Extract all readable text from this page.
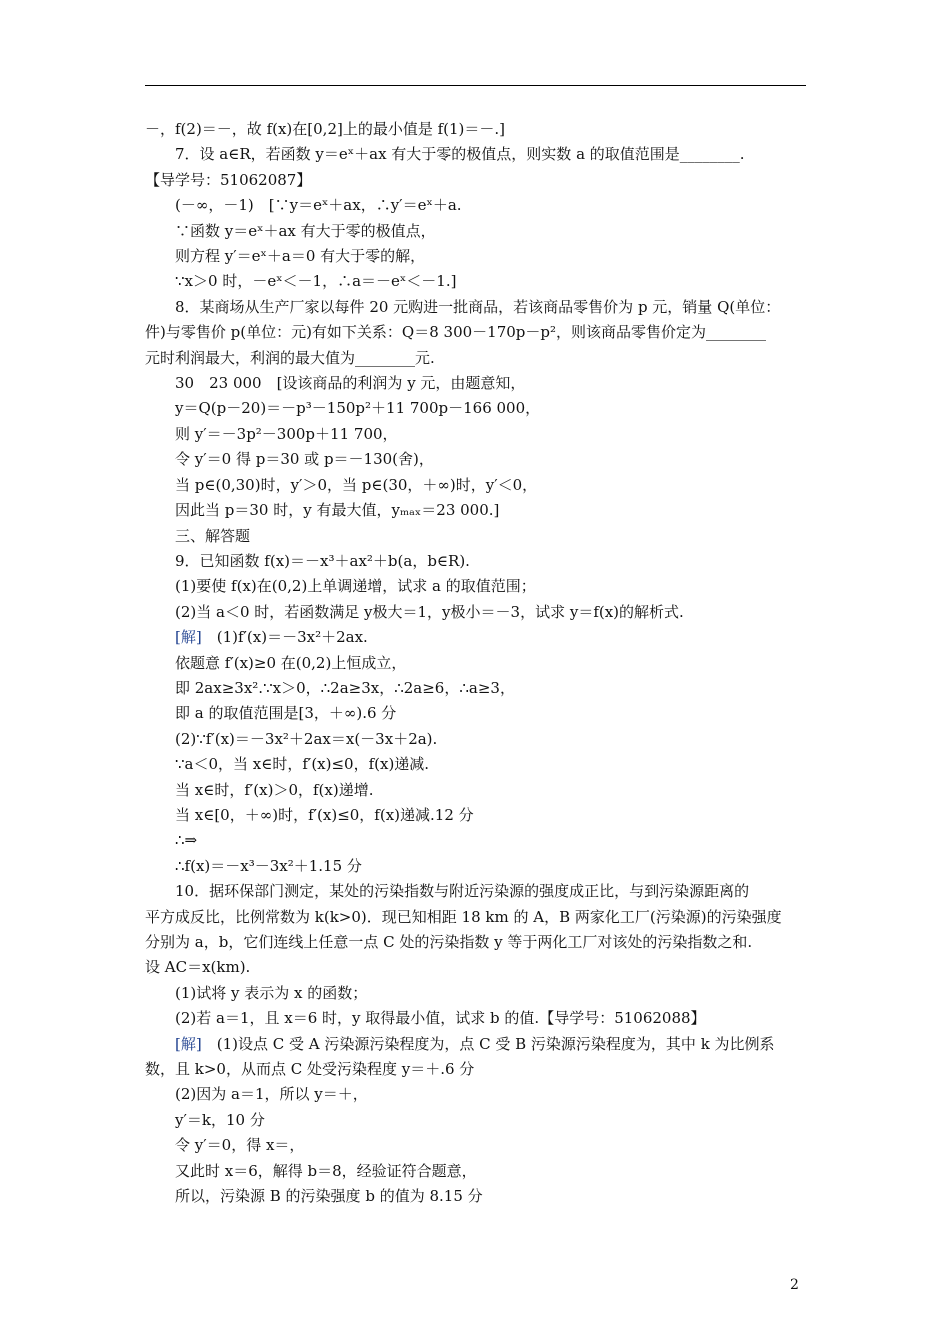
－，f(2)＝－，故 f(x)在[0,2]上的最小值是 f(1)＝－.]
7．设 a∈R，若函数 y＝eˣ＋ax 有大于零的极值点，则实数 a 的取值范围是________.
【导学号：51062087】
(－∞，－1)　[∵y＝eˣ＋ax，∴y′＝eˣ＋a.
∵函数 y＝eˣ＋ax 有大于零的极值点，
则方程 y′＝eˣ＋a＝0 有大于零的解，
∵x＞0 时，－eˣ＜－1，∴a＝－eˣ＜－1.]
8．某商场从生产厂家以每件 20 元购进一批商品，若该商品零售价为 p 元，销量 Q(单位：
件)与零售价 p(单位：元)有如下关系：Q＝8 300－170p－p²，则该商品零售价定为________
元时利润最大，利润的最大值为________元.
30　23 000　[设该商品的利润为 y 元，由题意知，
y＝Q(p－20)＝－p³－150p²＋11 700p－166 000，
则 y′＝－3p²－300p＋11 700，
令 y′＝0 得 p＝30 或 p＝－130(舍)，
当 p∈(0,30)时，y′＞0，当 p∈(30，＋∞)时，y′＜0，
因此当 p＝30 时，y 有最大值，yₘₐₓ＝23 000.]
三、解答题
9．已知函数 f(x)＝－x³＋ax²＋b(a，b∈R).
(1)要使 f(x)在(0,2)上单调递增，试求 a 的取值范围；
(2)当 a＜0 时，若函数满足 y极大＝1，y极小＝－3，试求 y＝f(x)的解析式.
[解]　(1)f′(x)＝－3x²＋2ax.
依题意 f′(x)≥0 在(0,2)上恒成立，
即 2ax≥3x².∵x＞0，∴2a≥3x，∴2a≥6，∴a≥3，
即 a 的取值范围是[3，＋∞).6 分
(2)∵f′(x)＝－3x²＋2ax＝x(－3x＋2a).
∵a＜0，当 x∈时，f′(x)≤0，f(x)递减.
当 x∈时，f′(x)＞0，f(x)递增.
当 x∈[0，＋∞)时，f′(x)≤0，f(x)递减.12 分
∴⇒
∴f(x)＝－x³－3x²＋1.15 分
10．据环保部门测定，某处的污染指数与附近污染源的强度成正比，与到污染源距离的
平方成反比，比例常数为 k(k>0)．现已知相距 18 km 的 A，B 两家化工厂(污染源)的污染强度
分别为 a，b，它们连线上任意一点 C 处的污染指数 y 等于两化工厂对该处的污染指数之和.
设 AC＝x(km).
(1)试将 y 表示为 x 的函数；
(2)若 a＝1，且 x＝6 时，y 取得最小值，试求 b 的值.【导学号：51062088】
[解]　(1)设点 C 受 A 污染源污染程度为，点 C 受 B 污染源污染程度为，其中 k 为比例系
数，且 k>0，从而点 C 处受污染程度 y＝＋.6 分
(2)因为 a＝1，所以 y＝＋，
y′＝k，10 分
令 y′＝0，得 x＝，
又此时 x＝6，解得 b＝8，经验证符合题意，
所以，污染源 B 的污染强度 b 的值为 8.15 分
2
